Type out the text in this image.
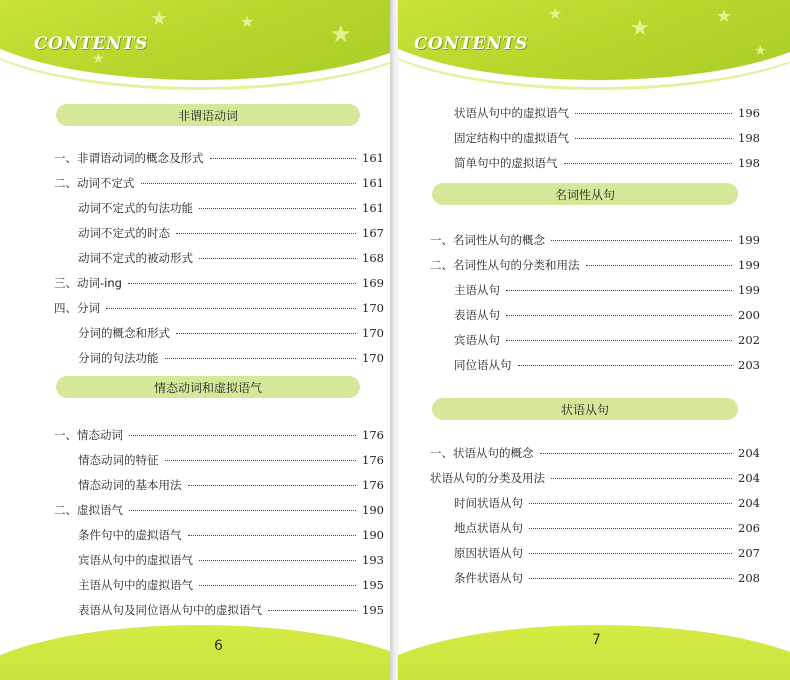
★	★	★
★
CONTENTS
非谓语动词
一、非谓语动词的概念及形式	161
二、动词不定式	161
动词不定式的句法功能	161
动词不定式的时态	167
动词不定式的被动形式	168
三、动词-ing	169
四、分词	170
分词的概念和形式	170
分词的句法功能	170
情态动词和虚拟语气
一、情态动词	176
情态动词的特征	176
情态动词的基本用法	176
二、虚拟语气	190
条件句中的虚拟语气	190
宾语从句中的虚拟语气	193
主语从句中的虚拟语气	195
表语从句及同位语从句中的虚拟语气	195
6
★
★	★
★
CONTENTS
状语从句中的虚拟语气	196
固定结构中的虚拟语气	198
简单句中的虚拟语气	198
名词性从句
一、名词性从句的概念	199
二、名词性从句的分类和用法	199
主语从句	199
表语从句	200
宾语从句	202
同位语从句	203
状语从句
一、状语从句的概念	204
状语从句的分类及用法	204
时间状语从句	204
地点状语从句	206
原因状语从句	207
条件状语从句	208
7
